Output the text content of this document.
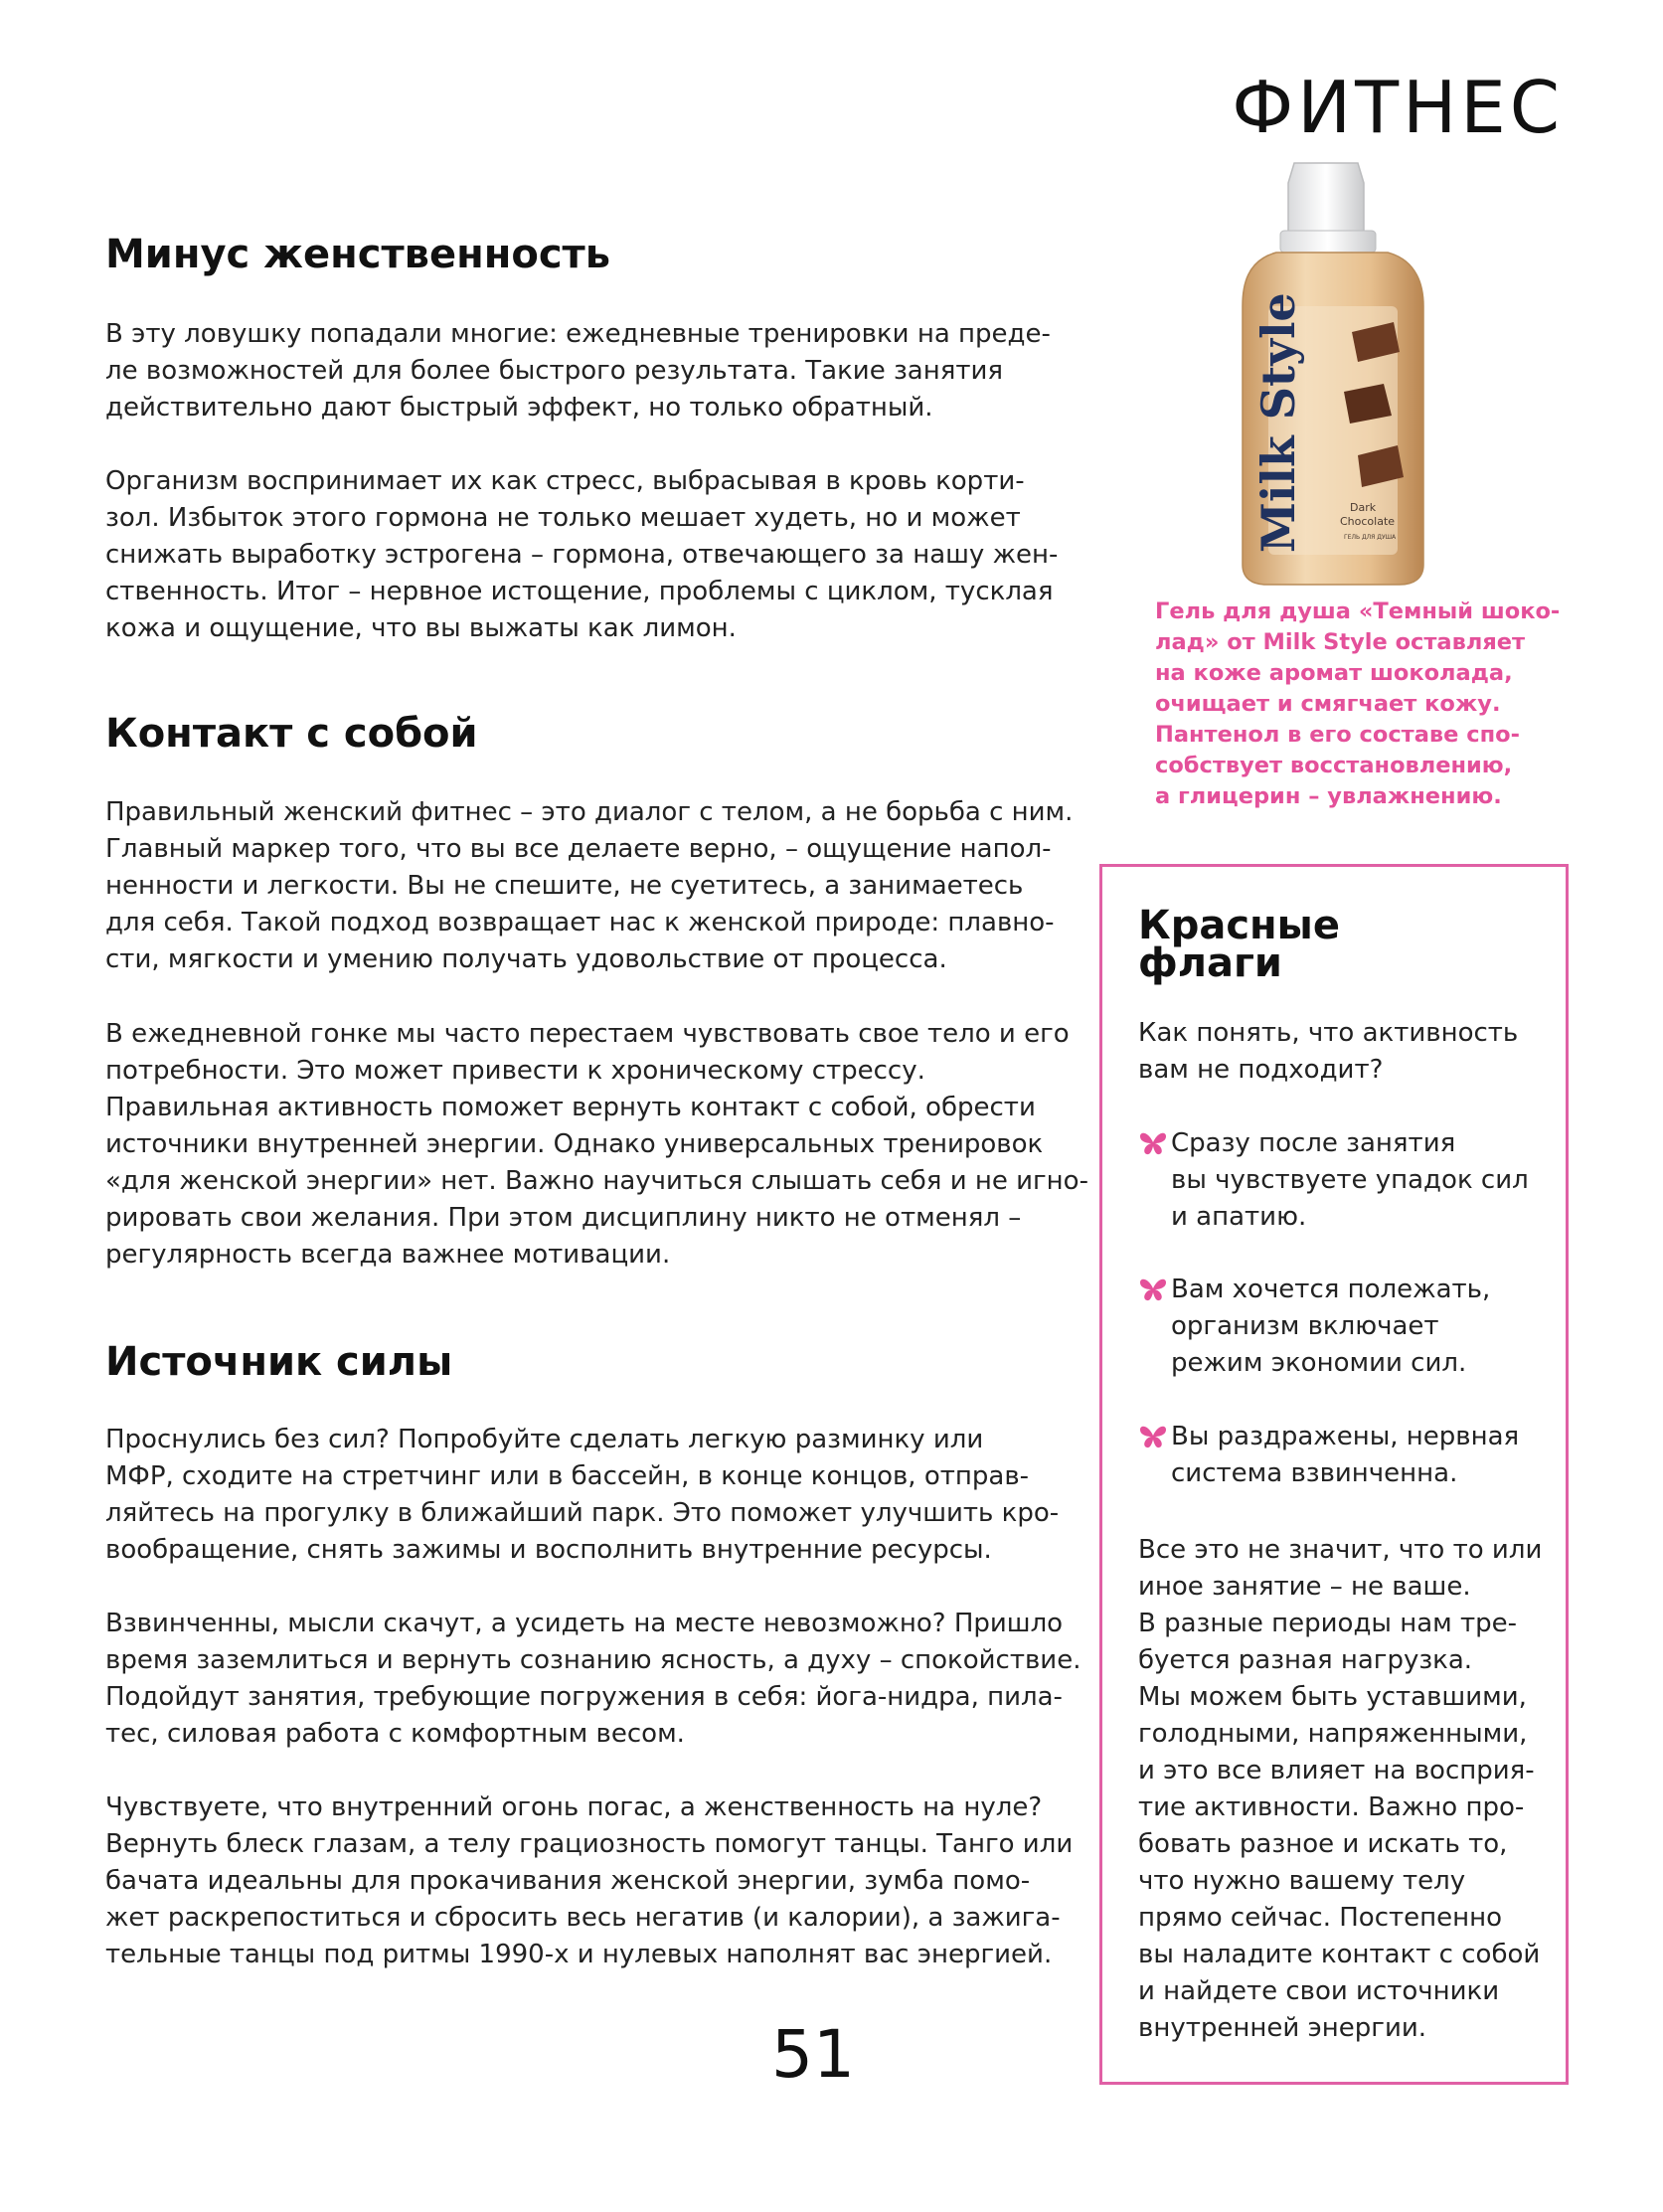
ФИТНЕС
Минус женственность

В эту ловушку попадали многие: ежедневные тренировки на преде-
ле возможностей для более быстрого результата. Такие занятия
действительно дают быстрый эффект, но только обратный.

Организм воспринимает их как стресс, выбрасывая в кровь корти-
зол. Избыток этого гормона не только мешает худеть, но и может
снижать выработку эстрогена – гормона, отвечающего за нашу жен-
ственность. Итог – нервное истощение, проблемы с циклом, тусклая
кожа и ощущение, что вы выжаты как лимон.

Контакт с собой

Правильный женский фитнес – это диалог с телом, а не борьба с ним.
Главный маркер того, что вы все делаете верно, – ощущение напол-
ненности и легкости. Вы не спешите, не суетитесь, а занимаетесь
для себя. Такой подход возвращает нас к женской природе: плавно-
сти, мягкости и умению получать удовольствие от процесса.

В ежедневной гонке мы часто перестаем чувствовать свое тело и его
потребности. Это может привести к хроническому стрессу.
Правильная активность поможет вернуть контакт с собой, обрести
источники внутренней энергии. Однако универсальных тренировок
«для женской энергии» нет. Важно научиться слышать себя и не игно-
рировать свои желания. При этом дисциплину никто не отменял –
регулярность всегда важнее мотивации.

Источник силы

Проснулись без сил? Попробуйте сделать легкую разминку или
МФР, сходите на стретчинг или в бассейн, в конце концов, отправ-
ляйтесь на прогулку в ближайший парк. Это поможет улучшить кро-
вообращение, снять зажимы и восполнить внутренние ресурсы.

Взвинченны, мысли скачут, а усидеть на месте невозможно? Пришло
время заземлиться и вернуть сознанию ясность, а духу – спокойствие.
Подойдут занятия, требующие погружения в себя: йога-нидра, пила-
тес, силовая работа с комфортным весом.

Чувствуете, что внутренний огонь погас, а женственность на нуле?
Вернуть блеск глазам, а телу грациозность помогут танцы. Танго или
бачата идеальны для прокачивания женской энергии, зумба помо-
жет раскрепоститься и сбросить весь негатив (и калории), а зажига-
тельные танцы под ритмы 1990-х и нулевых наполнят вас энергией.

Milk Style	Dark
Chocolate
ГЕЛЬ ДЛЯ ДУША

Гель для душа «Темный шоко-
лад» от Milk Style оставляет
на коже аромат шоколада,
очищает и смягчает кожу.
Пантенол в его составе спо-
собствует восстановлению,
а глицерин – увлажнению.

Красные
флаги

Как понять, что активность
вам не подходит?

Сразу после занятия
вы чувствуете упадок сил
и апатию.

Вам хочется полежать,
организм включает
режим экономии сил.

Вы раздражены, нервная
система взвинченна.

Все это не значит, что то или
иное занятие – не ваше.
В разные периоды нам тре-
буется разная нагрузка.
Мы можем быть уставшими,
голодными, напряженными,
и это все влияет на восприя-
тие активности. Важно про-
бовать разное и искать то,
что нужно вашему телу
прямо сейчас. Постепенно
вы наладите контакт с собой
и найдете свои источники
внутренней энергии.

51
